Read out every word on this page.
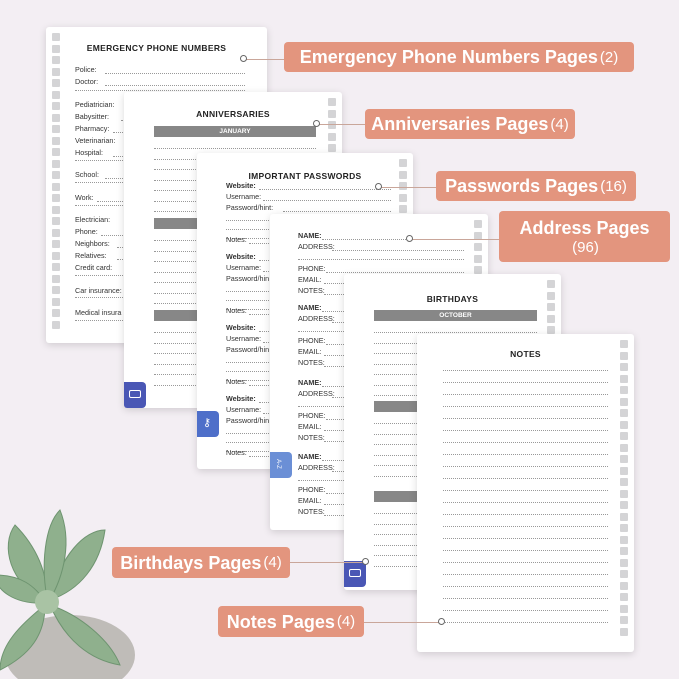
EMERGENCY PHONE NUMBERS
Police:
Doctor:
Pediatrician:
Babysitter:
Pharmacy:
Veterinarian:
Hospital:
School:
Work:
Electrician:
Phone:
Neighbors:
Relatives:
Credit card:
Car insurance:
Medical insura
ANNIVERSARIES
JANUARY
IMPORTANT PASSWORDS
Website:
Username:
Password/hint:
Notes:
Website:
Username:
Password/hin
Notes:
Website:
Username:
Password/hin
Notes:
Website:
Username:
Password/hin
Notes:
⚷
NAME:
ADDRESS:
PHONE:
EMAIL:
NOTES:
NAME:
ADDRESS:
PHONE:
EMAIL:
NOTES:
NAME:
ADDRESS:
PHONE:
EMAIL:
NOTES:
NAME:
ADDRESS:
PHONE:
EMAIL:
NOTES:
A-Z
BIRTHDAYS
OCTOBER
NOTES
Emergency Phone Numbers Pages (2)
Anniversaries Pages (4)
Passwords Pages (16)
Address Pages
(96)
Birthdays Pages (4)
Notes Pages (4)
